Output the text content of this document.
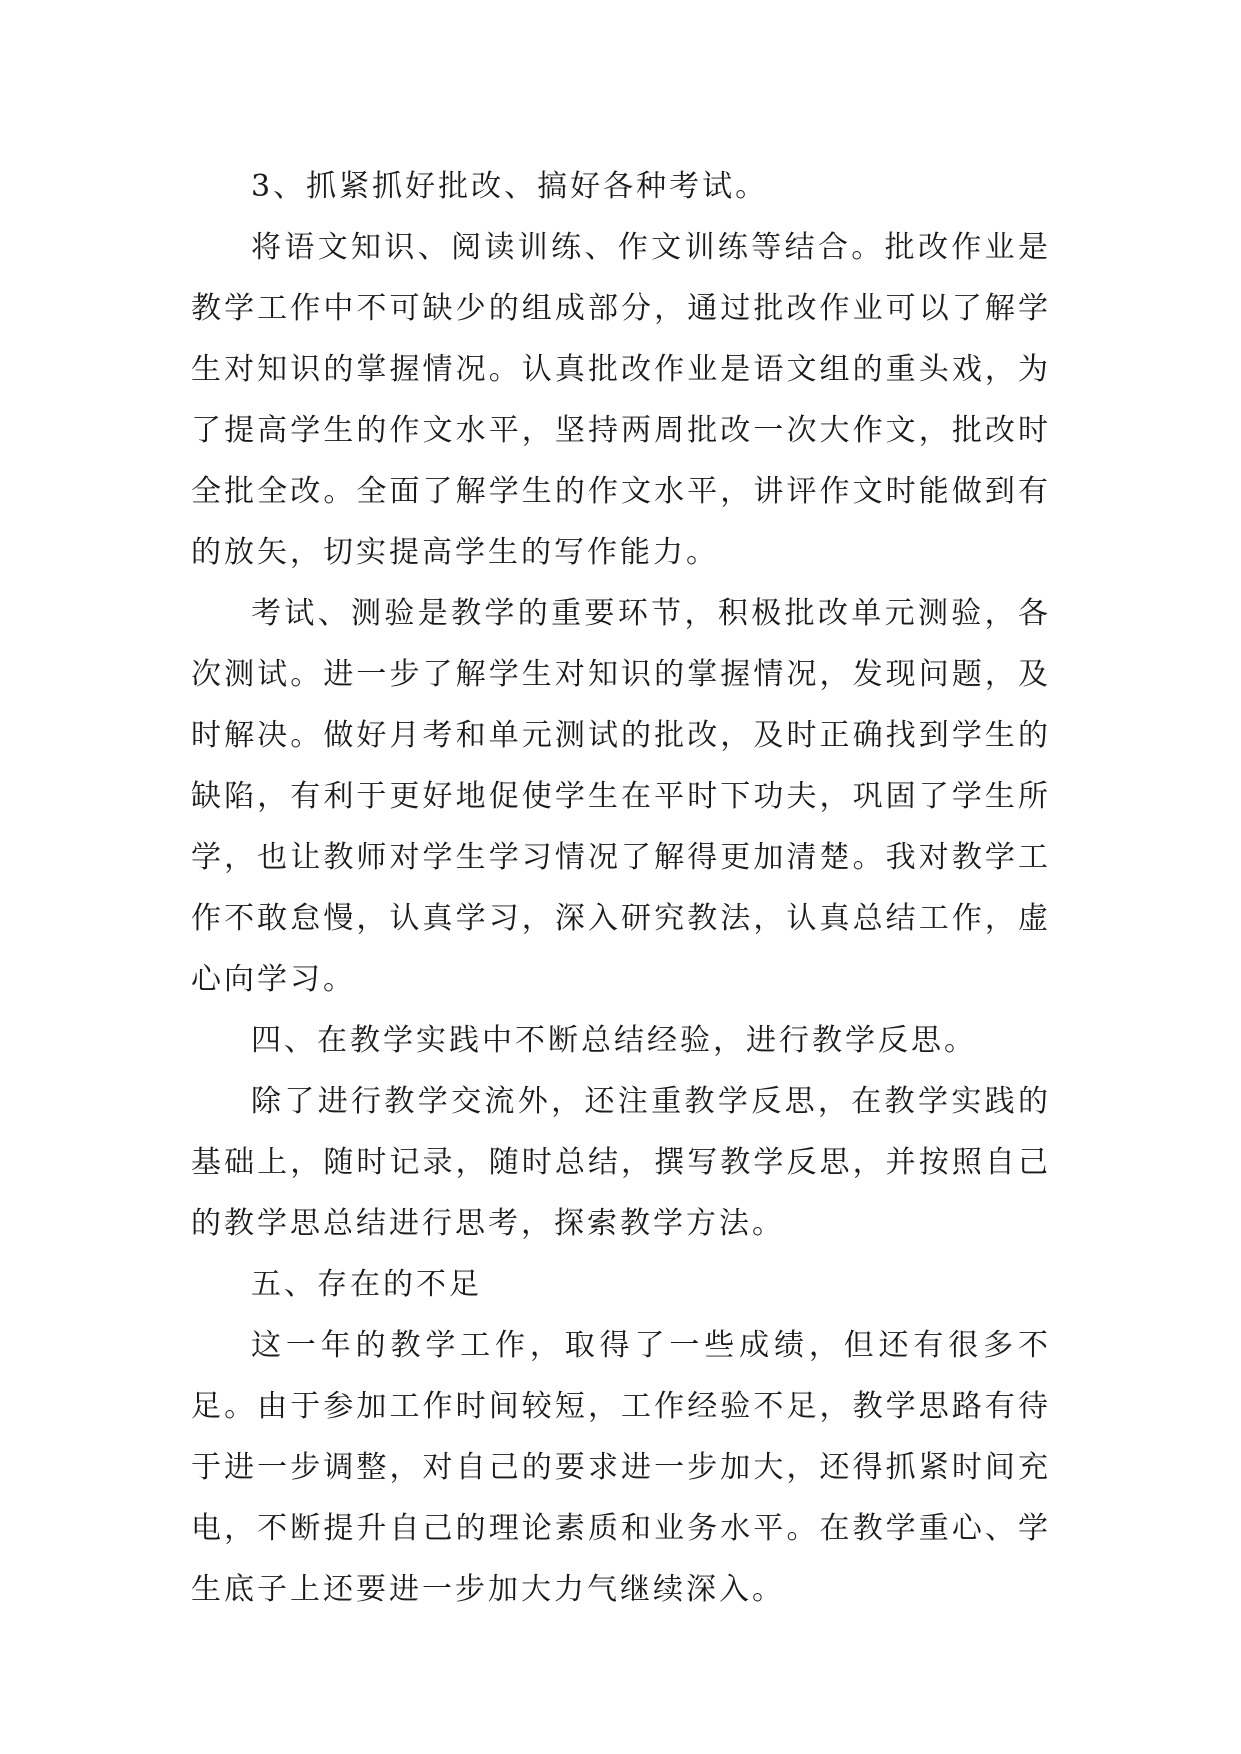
3、抓紧抓好批改、搞好各种考试。

将语文知识、阅读训练、作文训练等结合。批改作业是教学工作中不可缺少的组成部分，通过批改作业可以了解学生对知识的掌握情况。认真批改作业是语文组的重头戏，为了提高学生的作文水平，坚持两周批改一次大作文，批改时全批全改。全面了解学生的作文水平，讲评作文时能做到有的放矢，切实提高学生的写作能力。

考试、测验是教学的重要环节，积极批改单元测验，各次测试。进一步了解学生对知识的掌握情况，发现问题，及时解决。做好月考和单元测试的批改，及时正确找到学生的缺陷，有利于更好地促使学生在平时下功夫，巩固了学生所学，也让教师对学生学习情况了解得更加清楚。我对教学工作不敢怠慢，认真学习，深入研究教法，认真总结工作，虚心向学习。

四、在教学实践中不断总结经验，进行教学反思。

除了进行教学交流外，还注重教学反思，在教学实践的基础上，随时记录，随时总结，撰写教学反思，并按照自己的教学思总结进行思考，探索教学方法。

五、存在的不足

这一年的教学工作，取得了一些成绩，但还有很多不足。由于参加工作时间较短，工作经验不足，教学思路有待于进一步调整，对自己的要求进一步加大，还得抓紧时间充电，不断提升自己的理论素质和业务水平。在教学重心、学生底子上还要进一步加大力气继续深入。
